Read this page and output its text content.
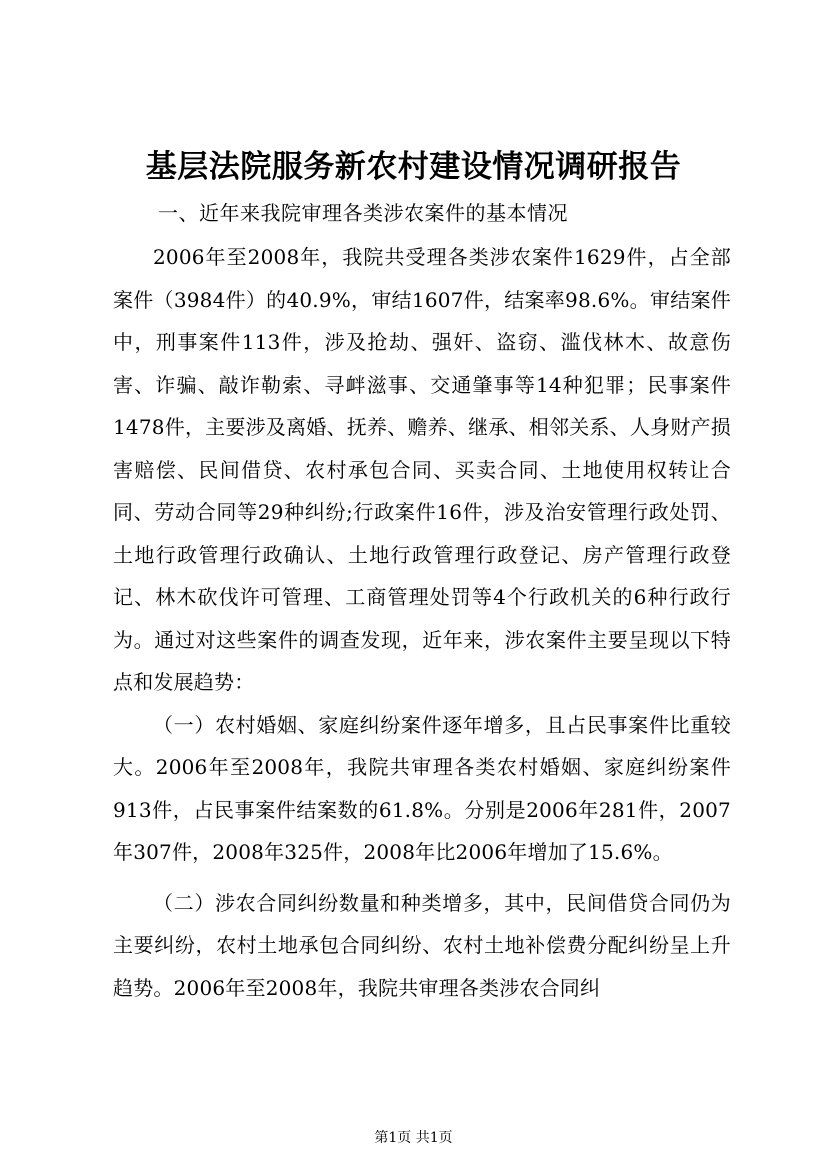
基层法院服务新农村建设情况调研报告
一、近年来我院审理各类涉农案件的基本情况

2006年至2008年，我院共受理各类涉农案件1629件，占全部案件（3984件）的40.9%，审结1607件，结案率98.6%。审结案件中，刑事案件113件，涉及抢劫、强奸、盗窃、滥伐林木、故意伤害、诈骗、敲诈勒索、寻衅滋事、交通肇事等14种犯罪；民事案件1478件，主要涉及离婚、抚养、赡养、继承、相邻关系、人身财产损害赔偿、民间借贷、农村承包合同、买卖合同、土地使用权转让合同、劳动合同等29种纠纷;行政案件16件，涉及治安管理行政处罚、土地行政管理行政确认、土地行政管理行政登记、房产管理行政登记、林木砍伐许可管理、工商管理处罚等4个行政机关的6种行政行为。通过对这些案件的调查发现，近年来，涉农案件主要呈现以下特点和发展趋势：

（一）农村婚姻、家庭纠纷案件逐年增多，且占民事案件比重较大。2006年至2008年，我院共审理各类农村婚姻、家庭纠纷案件913件，占民事案件结案数的61.8%。分别是2006年281件，2007年307件，2008年325件，2008年比2006年增加了15.6%。

（二）涉农合同纠纷数量和种类增多，其中，民间借贷合同仍为主要纠纷，农村土地承包合同纠纷、农村土地补偿费分配纠纷呈上升趋势。2006年至2008年，我院共审理各类涉农合同纠

第1页 共1页
